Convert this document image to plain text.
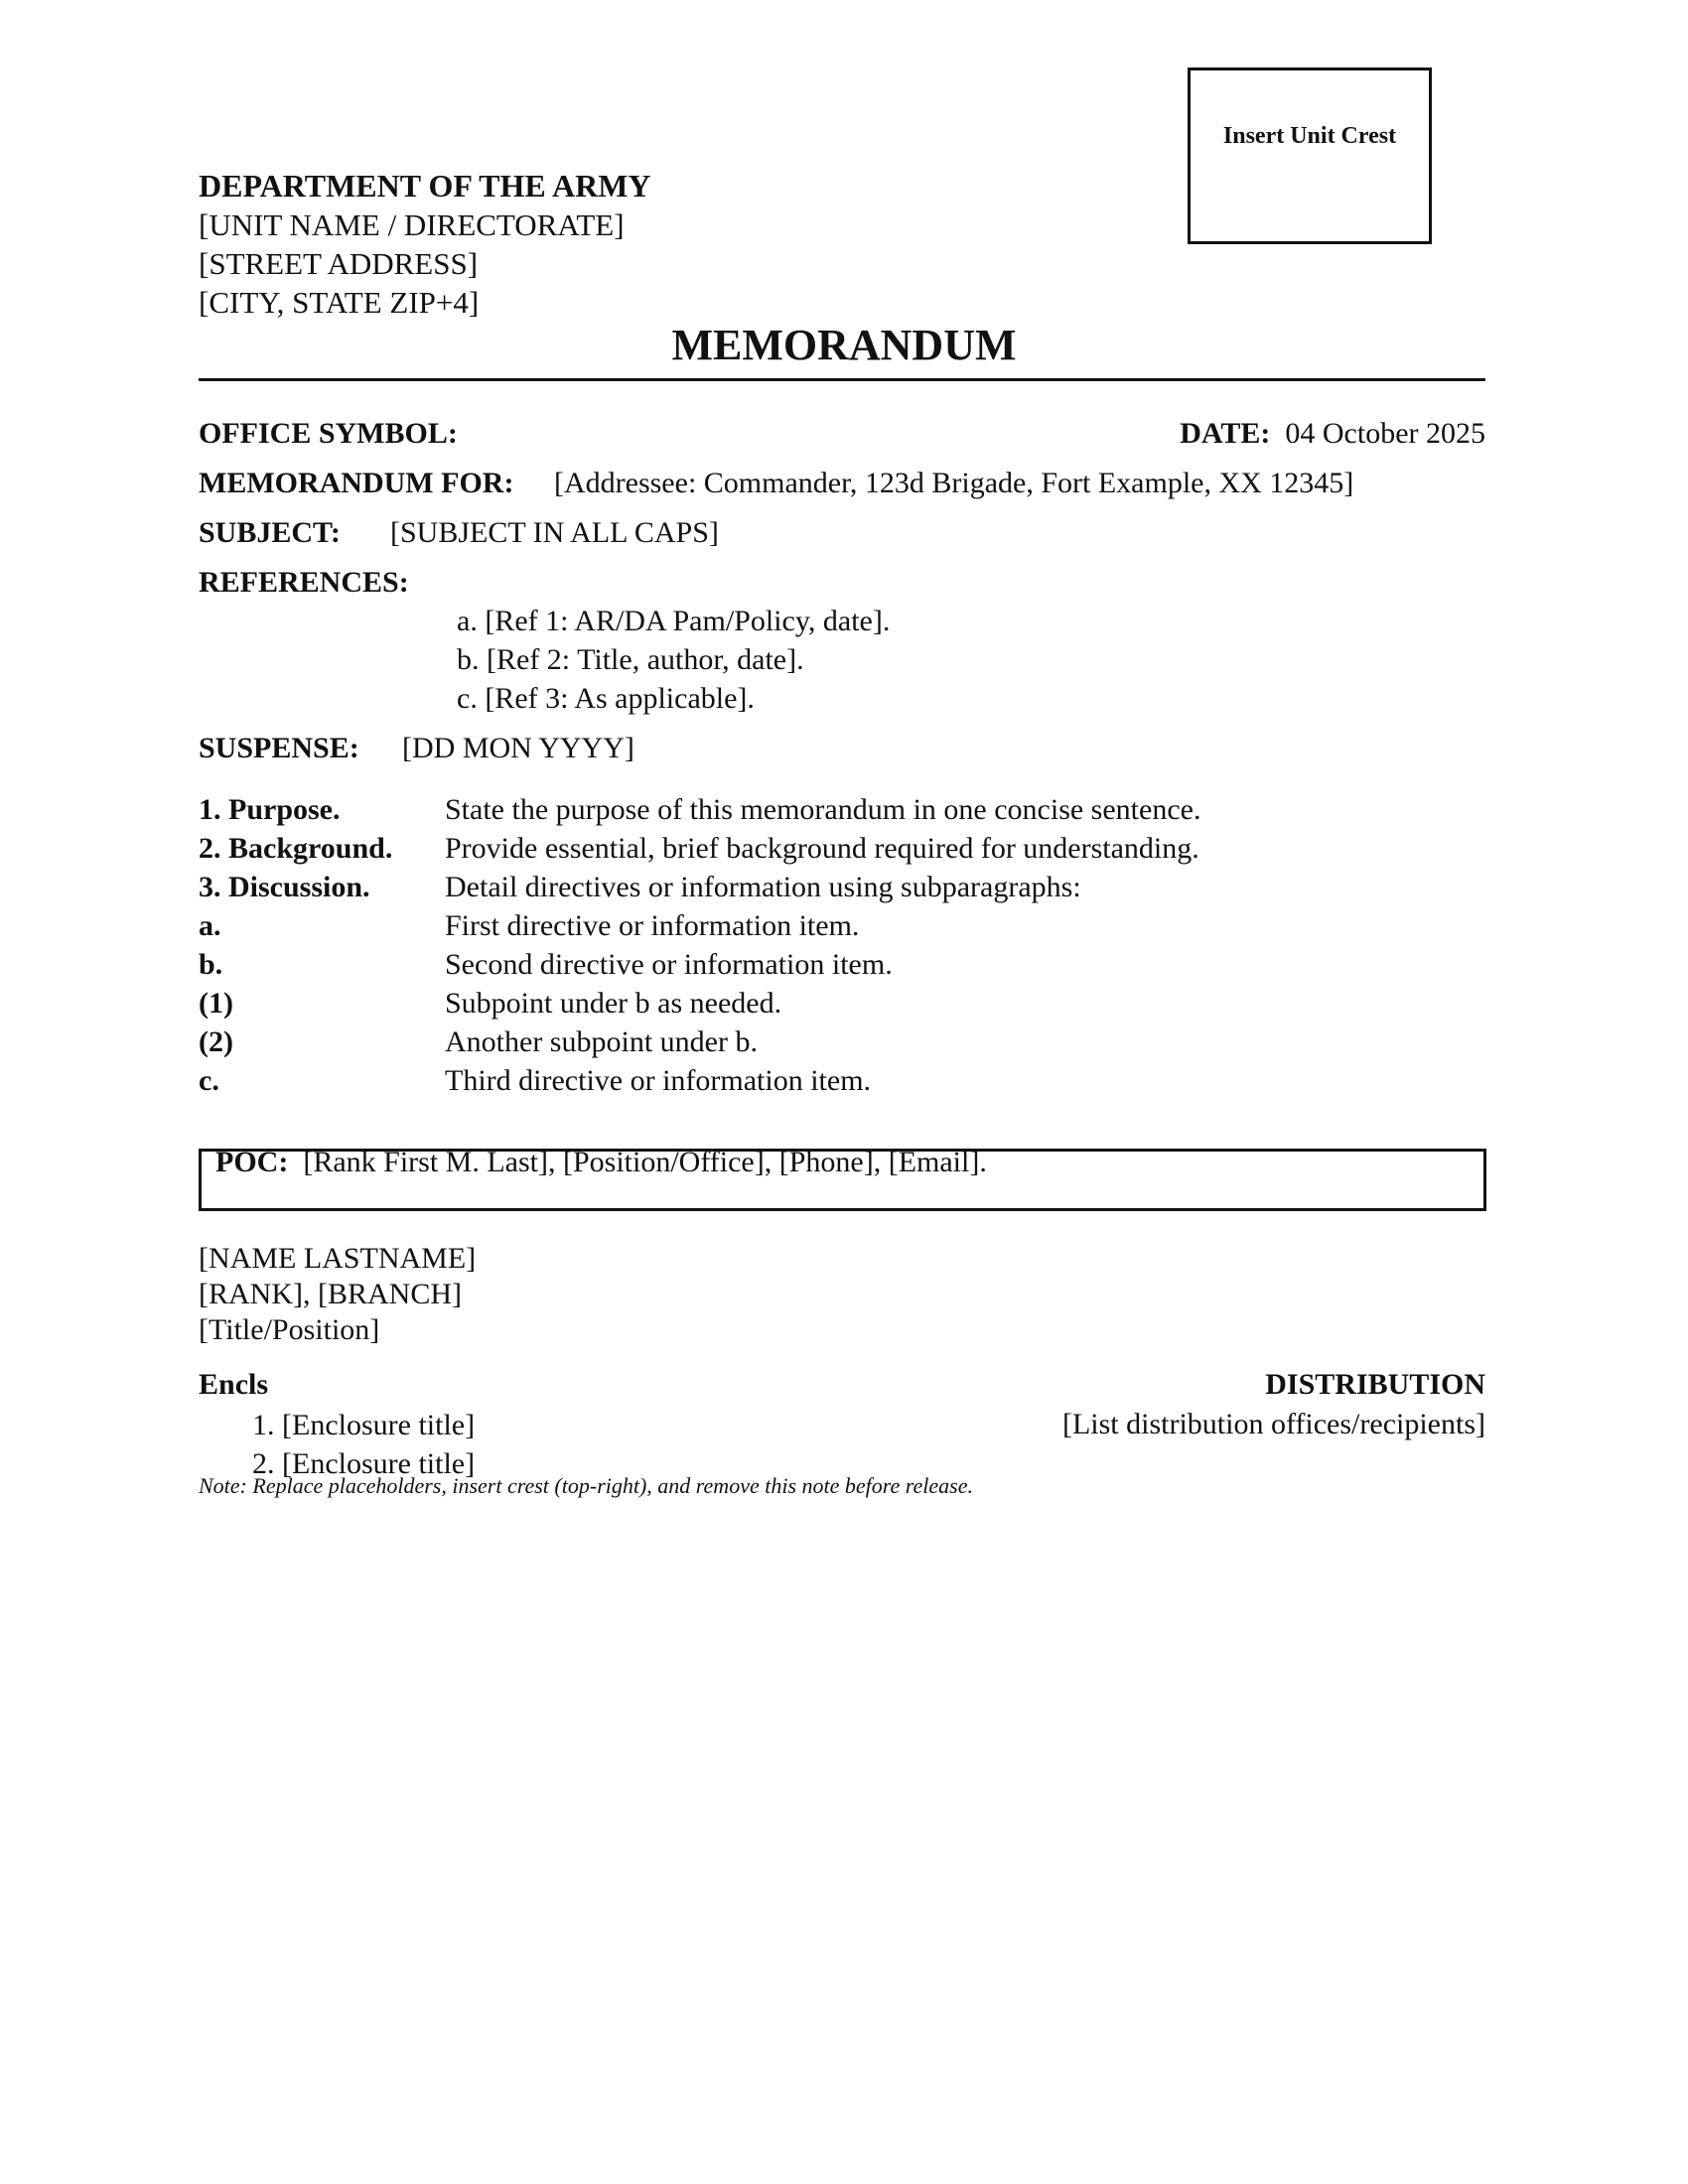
Insert Unit Crest
DEPARTMENT OF THE ARMY
[UNIT NAME / DIRECTORATE]
[STREET ADDRESS]
[CITY, STATE ZIP+4]
MEMORANDUM
OFFICE SYMBOL:	DATE: 04 October 2025
MEMORANDUM FOR: [Addressee: Commander, 123d Brigade, Fort Example, XX 12345]
SUBJECT: [SUBJECT IN ALL CAPS]
REFERENCES:
a. [Ref 1: AR/DA Pam/Policy, date].
b. [Ref 2: Title, author, date].
c. [Ref 3: As applicable].
SUSPENSE: [DD MON YYYY]
1. Purpose.	State the purpose of this memorandum in one concise sentence.
2. Background. Provide essential, brief background required for understanding.
3. Discussion.	Detail directives or information using subparagraphs:
a.	First directive or information item.
b.	Second directive or information item.
(1)	Subpoint under b as needed.
(2)	Another subpoint under b.
c.	Third directive or information item.
POC: [Rank First M. Last], [Position/Office], [Phone], [Email].
[NAME LASTNAME]
[RANK], [BRANCH]
[Title/Position]
Encls
1. [Enclosure title]
2. [Enclosure title]
DISTRIBUTION
[List distribution offices/recipients]
Note: Replace placeholders, insert crest (top-right), and remove this note before release.
